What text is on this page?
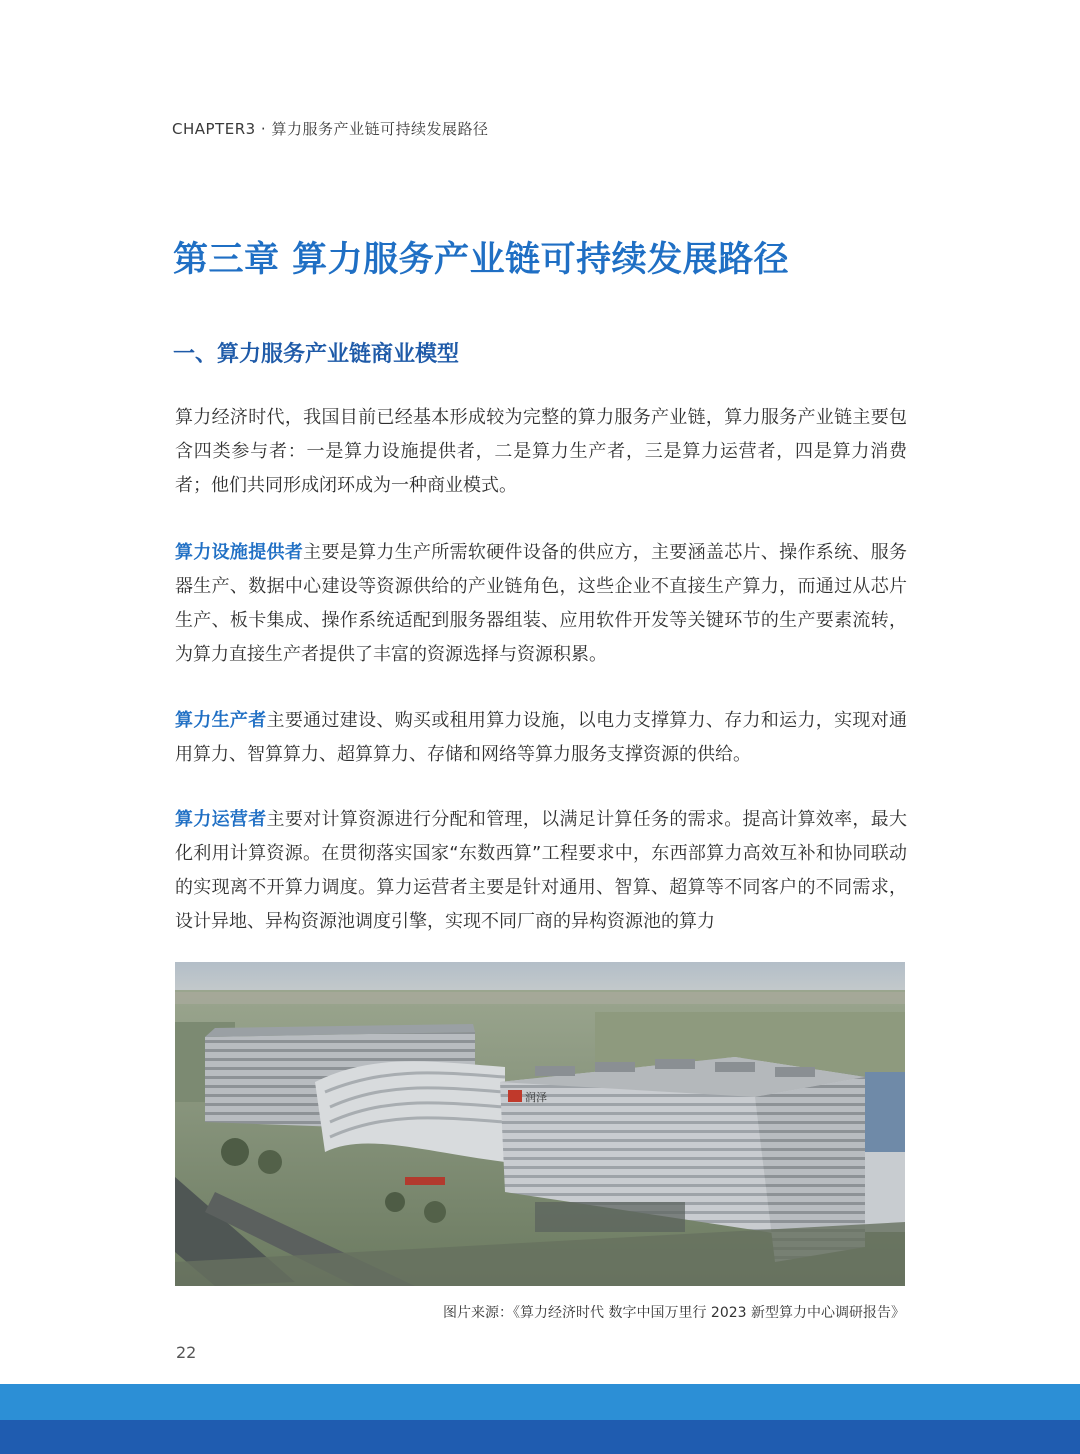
CHAPTER3 · 算力服务产业链可持续发展路径
第三章 算力服务产业链可持续发展路径
一、算力服务产业链商业模型

算力经济时代，我国目前已经基本形成较为完整的算力服务产业链，算力服务产业链主要包含四类参与者：一是算力设施提供者，二是算力生产者，三是算力运营者，四是算力消费者；他们共同形成闭环成为一种商业模式。

算力设施提供者主要是算力生产所需软硬件设备的供应方，主要涵盖芯片、操作系统、服务器生产、数据中心建设等资源供给的产业链角色，这些企业不直接生产算力，而通过从芯片生产、板卡集成、操作系统适配到服务器组装、应用软件开发等关键环节的生产要素流转，为算力直接生产者提供了丰富的资源选择与资源积累。

算力生产者主要通过建设、购买或租用算力设施，以电力支撑算力、存力和运力，实现对通用算力、智算算力、超算算力、存储和网络等算力服务支撑资源的供给。

算力运营者主要对计算资源进行分配和管理，以满足计算任务的需求。提高计算效率，最大化利用计算资源。在贯彻落实国家“东数西算”工程要求中，东西部算力高效互补和协同联动的实现离不开算力调度。算力运营者主要是针对通用、智算、超算等不同客户的不同需求，设计异地、异构资源池调度引擎，实现不同厂商的异构资源池的算力

润泽
图片来源：《算力经济时代 数字中国万里行 2023 新型算力中心调研报告》
22
